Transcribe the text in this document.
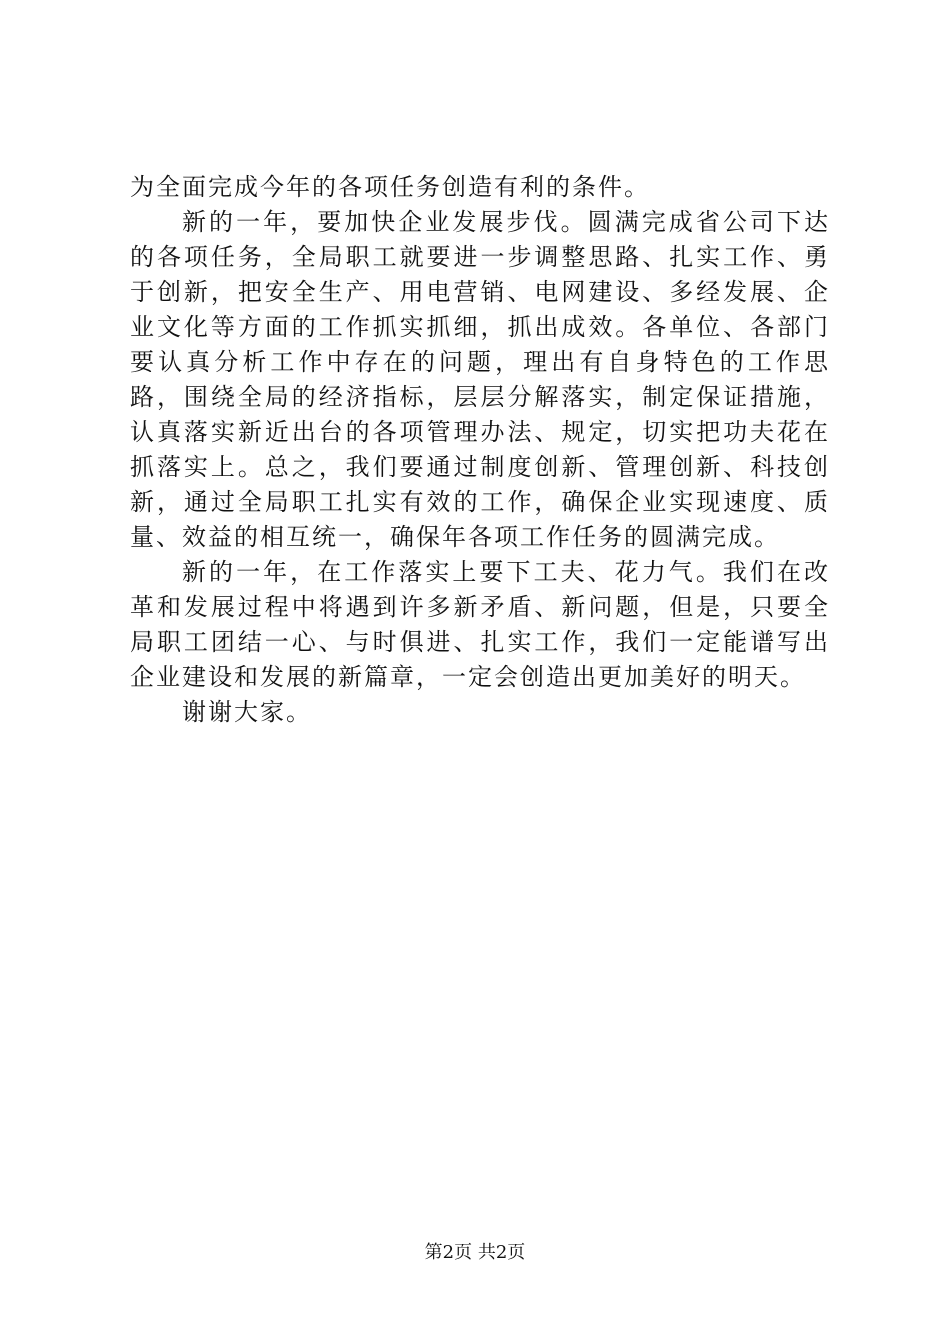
为全面完成今年的各项任务创造有利的条件。

新的一年，要加快企业发展步伐。圆满完成省公司下达的各项任务，全局职工就要进一步调整思路、扎实工作、勇于创新，把安全生产、用电营销、电网建设、多经发展、企业文化等方面的工作抓实抓细，抓出成效。各单位、各部门要认真分析工作中存在的问题，理出有自身特色的工作思路，围绕全局的经济指标，层层分解落实，制定保证措施，认真落实新近出台的各项管理办法、规定，切实把功夫花在抓落实上。总之，我们要通过制度创新、管理创新、科技创新，通过全局职工扎实有效的工作，确保企业实现速度、质量、效益的相互统一，确保年各项工作任务的圆满完成。

新的一年，在工作落实上要下工夫、花力气。我们在改革和发展过程中将遇到许多新矛盾、新问题，但是，只要全局职工团结一心、与时俱进、扎实工作，我们一定能谱写出企业建设和发展的新篇章，一定会创造出更加美好的明天。

谢谢大家。

第2页 共2页
